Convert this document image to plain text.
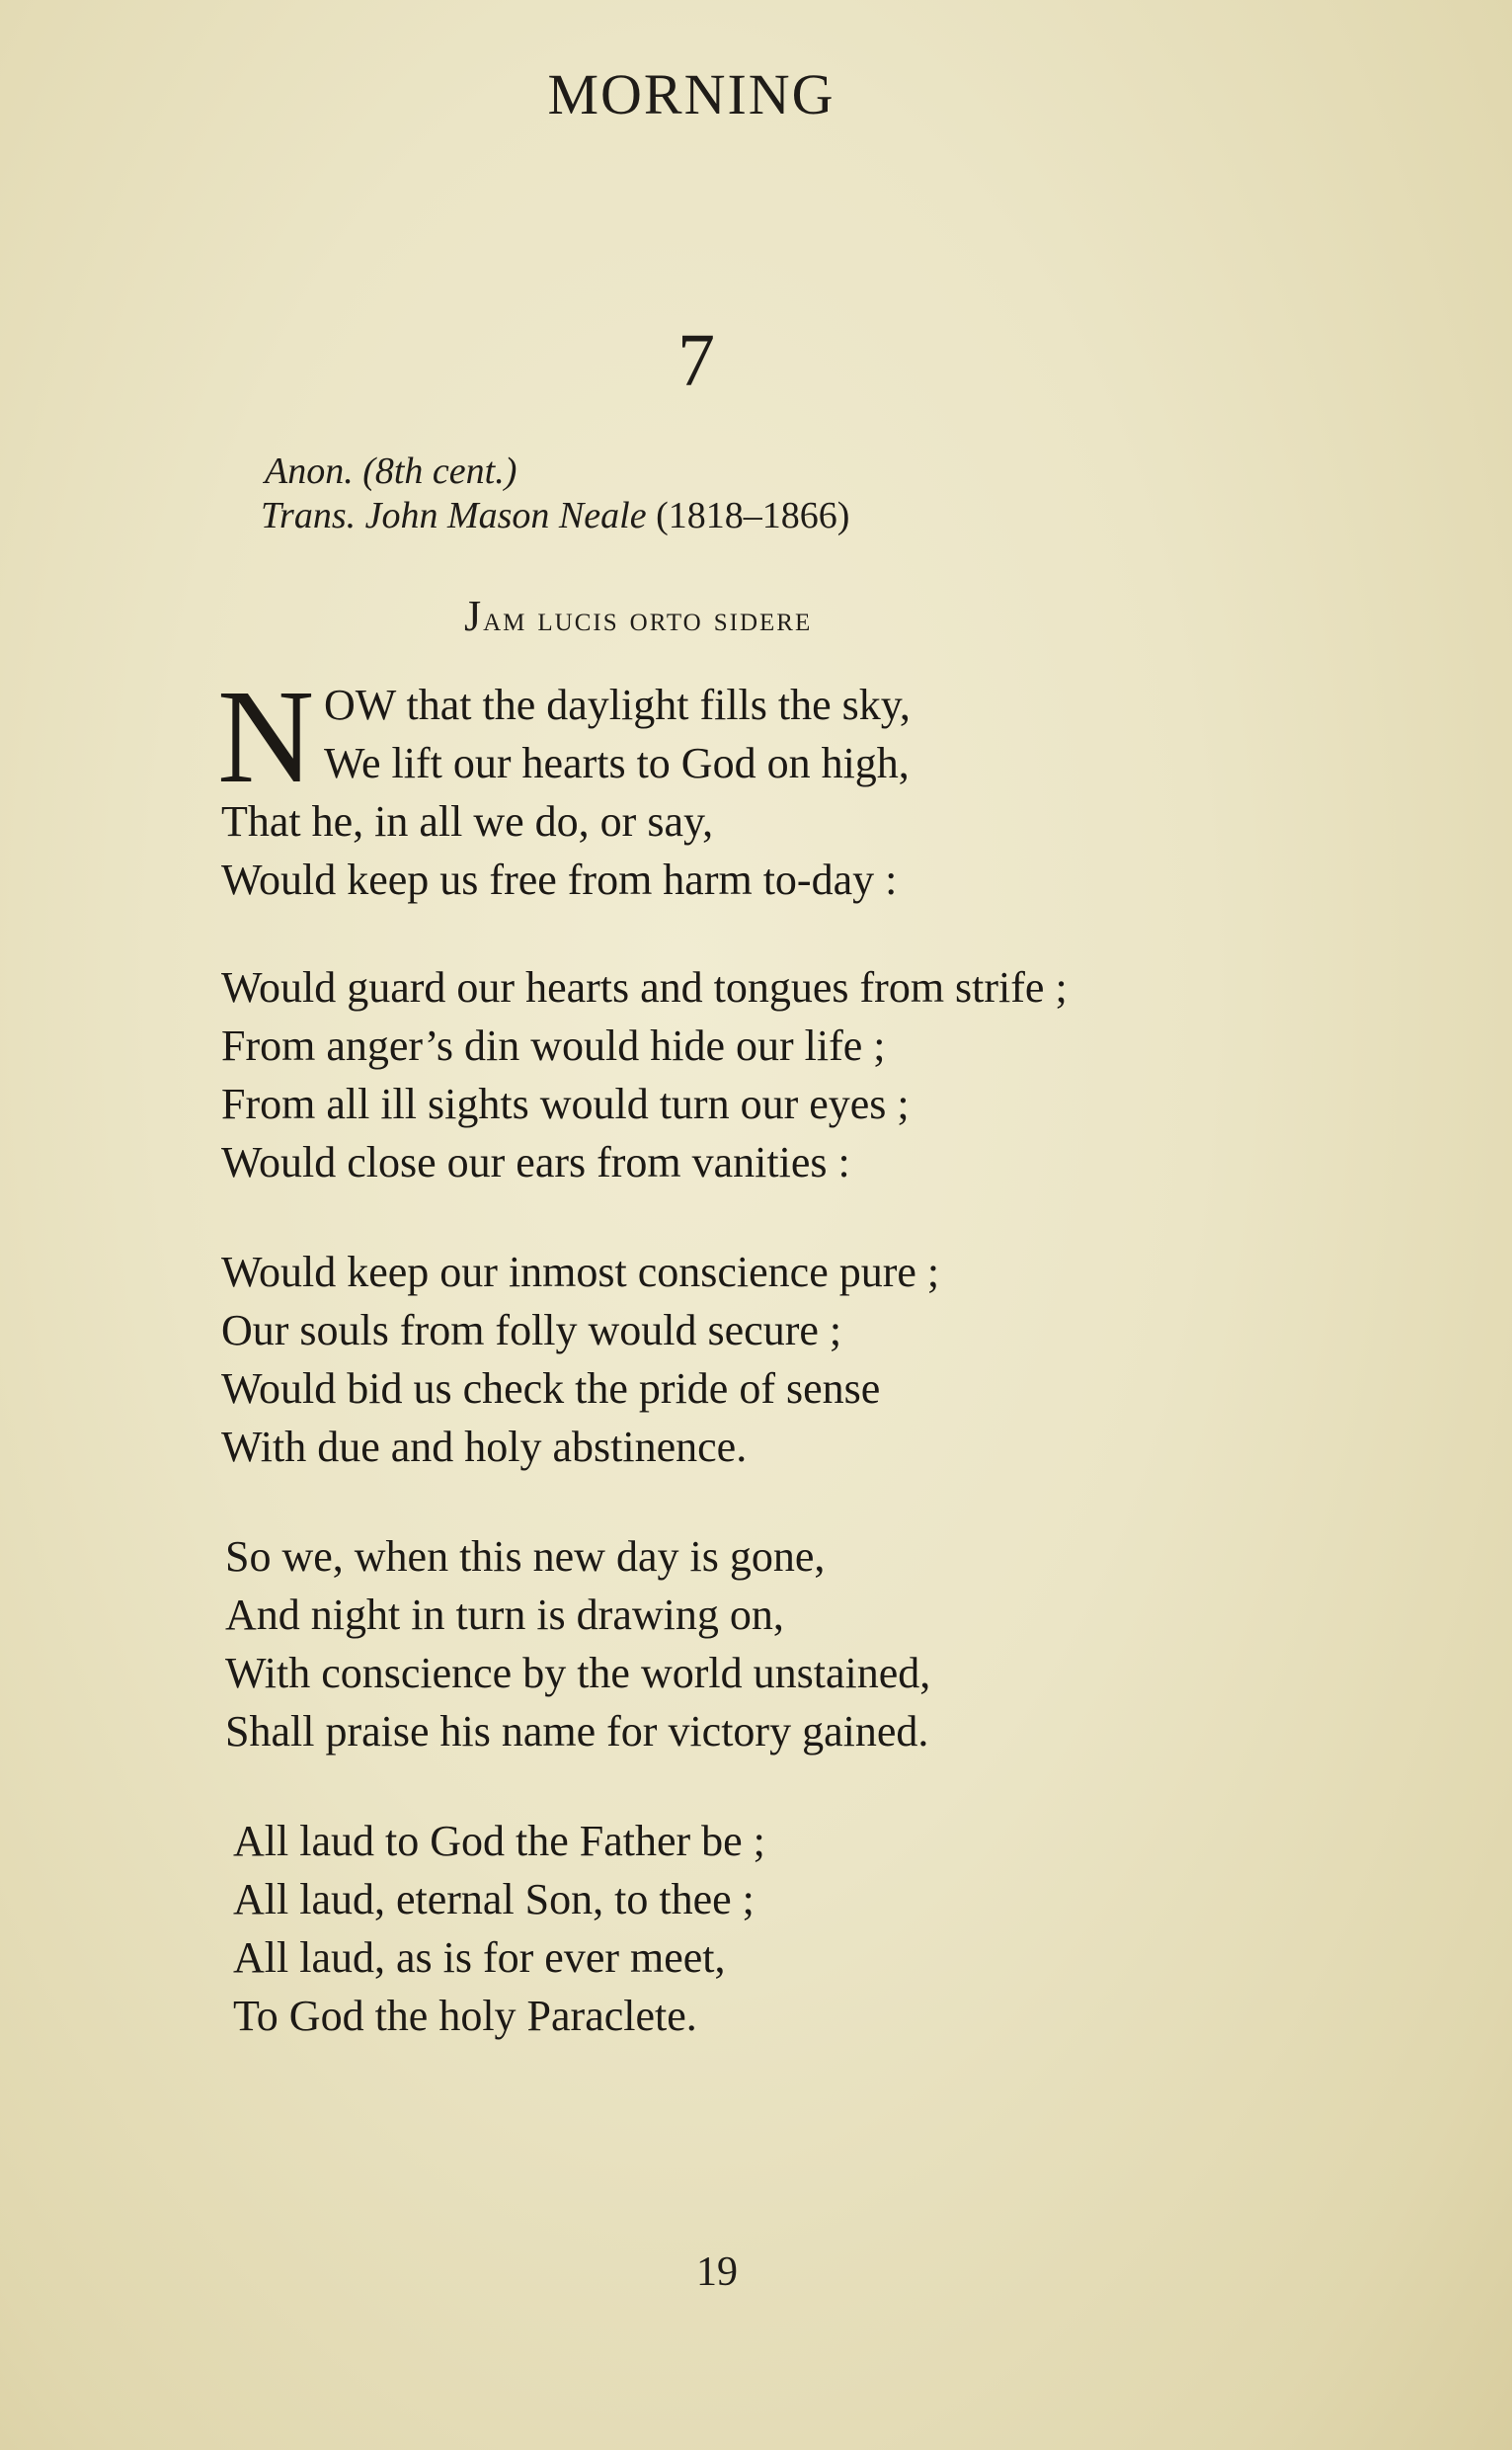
MORNING
7
Anon. (8th cent.)
Trans. John Mason Neale (1818–1866)
Jam lucis orto sidere
N OW that the daylight fills the sky,
We lift our hearts to God on high,
That he, in all we do, or say,
Would keep us free from harm to-day :
Would guard our hearts and tongues from strife ;
From anger’s din would hide our life ;
From all ill sights would turn our eyes ;
Would close our ears from vanities :
Would keep our inmost conscience pure ;
Our souls from folly would secure ;
Would bid us check the pride of sense
With due and holy abstinence.
So we, when this new day is gone,
And night in turn is drawing on,
With conscience by the world unstained,
Shall praise his name for victory gained.
All laud to God the Father be ;
All laud, eternal Son, to thee ;
All laud, as is for ever meet,
To God the holy Paraclete.
19
